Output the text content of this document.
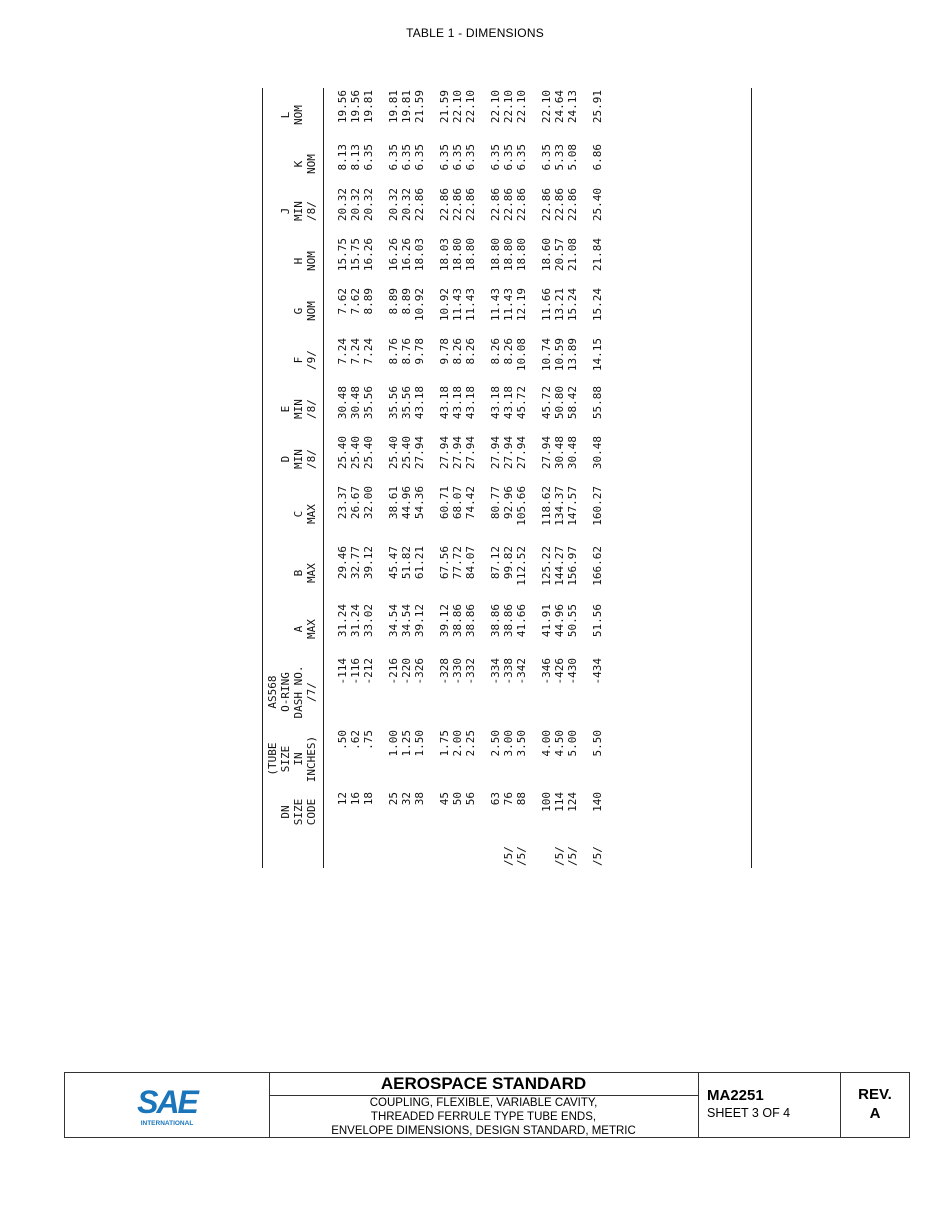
TABLE 1 - DIMENSIONS
		(TUBE	AS568											
	DN	SIZE	O-RING				D	E				J		L
	SIZE	IN	DASH NO.	A	B	C	MIN	MIN	F	G	H	MIN	K	NOM
	CODE	INCHES)	/7/	MAX	MAX	MAX	/8/	/8/	/9/	NOM	NOM	/8/	NOM	

	12	.50	-114	31.24	29.46	23.37	25.40	30.48	7.24	7.62	15.75	20.32	8.13	19.56
	16	.62	-116	31.24	32.77	26.67	25.40	30.48	7.24	7.62	15.75	20.32	8.13	19.56
	18	.75	-212	33.02	39.12	32.00	25.40	35.56	7.24	8.89	16.26	20.32	6.35	19.81

	25	1.00	-216	34.54	45.47	38.61	25.40	35.56	8.76	8.89	16.26	20.32	6.35	19.81
	32	1.25	-220	34.54	51.82	44.96	25.40	35.56	8.76	8.89	16.26	20.32	6.35	19.81
	38	1.50	-326	39.12	61.21	54.36	27.94	43.18	9.78	10.92	18.03	22.86	6.35	21.59

	45	1.75	-328	39.12	67.56	60.71	27.94	43.18	9.78	10.92	18.03	22.86	6.35	21.59
	50	2.00	-330	38.86	77.72	68.07	27.94	43.18	8.26	11.43	18.80	22.86	6.35	22.10
	56	2.25	-332	38.86	84.07	74.42	27.94	43.18	8.26	11.43	18.80	22.86	6.35	22.10

	63	2.50	-334	38.86	87.12	80.77	27.94	43.18	8.26	11.43	18.80	22.86	6.35	22.10
/5/	76	3.00	-338	38.86	99.82	92.96	27.94	43.18	8.26	11.43	18.80	22.86	6.35	22.10
/5/	88	3.50	-342	41.66	112.52	105.66	27.94	45.72	10.08	12.19	18.80	22.86	6.35	22.10

	100	4.00	-346	41.91	125.22	118.62	27.94	45.72	10.74	11.66	18.60	22.86	6.35	22.10
/5/	114	4.50	-426	44.96	144.27	134.37	30.48	50.80	10.59	13.21	20.57	22.86	5.33	24.64
/5/	124	5.00	-430	50.55	156.97	147.57	30.48	58.42	13.89	15.24	21.08	22.86	5.08	24.13

/5/	140	5.50	-434	51.56	166.62	160.27	30.48	55.88	14.15	15.24	21.84	25.40	6.86	25.91
SAE
INTERNATIONAL
AEROSPACE STANDARD
COUPLING, FLEXIBLE, VARIABLE CAVITY,
THREADED FERRULE TYPE TUBE ENDS,
ENVELOPE DIMENSIONS, DESIGN STANDARD, METRIC
MA2251
SHEET 3 OF 4
REV.
A
